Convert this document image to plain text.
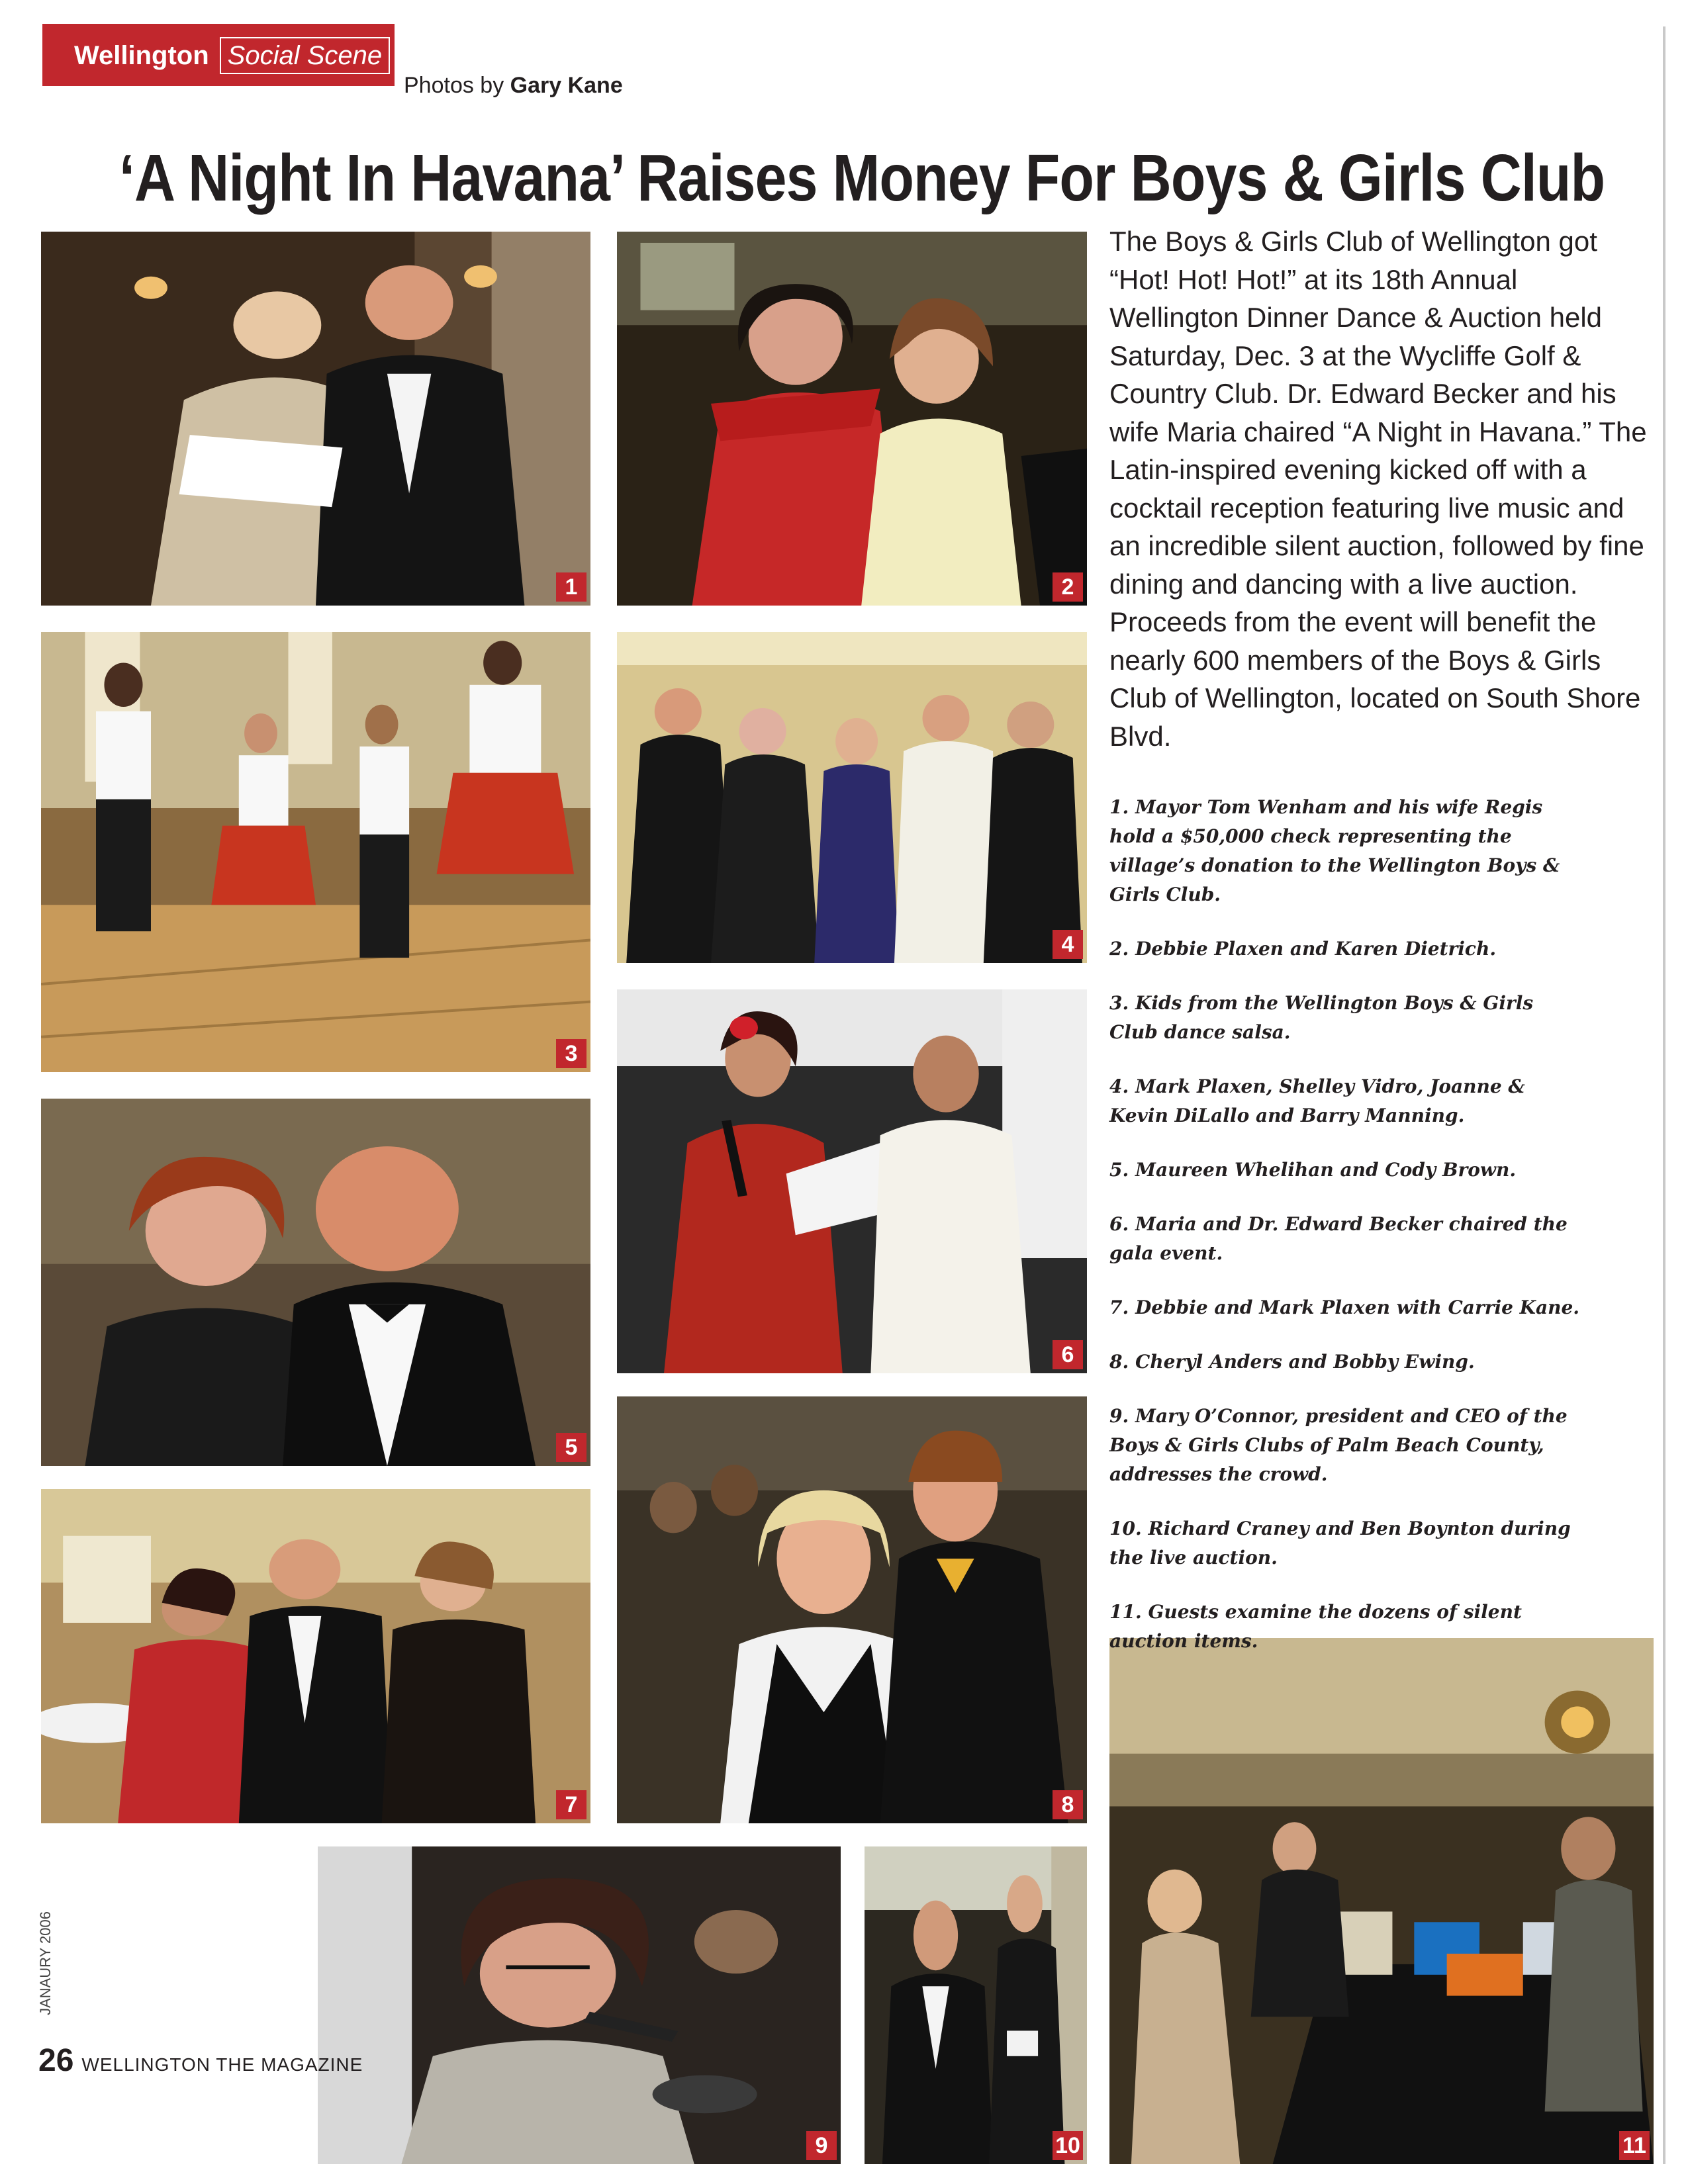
Wellington Social Scene
Photos by Gary Kane
‘A Night In Havana’ Raises Money For Boys & Girls Club
1	2
3
4
5
6
7	8
9	10	11
The Boys & Girls Club of Wellington got “Hot! Hot! Hot!” at its 18th Annual Wellington Dinner Dance & Auction held Saturday, Dec. 3 at the Wycliffe Golf & Country Club. Dr. Edward Becker and his wife Maria chaired “A Night in Havana.” The Latin-inspired evening kicked off with a cocktail reception featuring live music and an incredible silent auction, followed by fine dining and dancing with a live auction. Proceeds from the event will benefit the nearly 600 members of the Boys & Girls Club of Wellington, located on South Shore Blvd.
1. Mayor Tom Wenham and his wife Regis hold a $50,000 check representing the village’s donation to the Wellington Boys & Girls Club.
2. Debbie Plaxen and Karen Dietrich.
3. Kids from the Wellington Boys & Girls Club dance salsa.
4. Mark Plaxen, Shelley Vidro, Joanne & Kevin DiLallo and Barry Manning.
5. Maureen Whelihan and Cody Brown.
6. Maria and Dr. Edward Becker chaired the gala event.
7. Debbie and Mark Plaxen with Carrie Kane.
8. Cheryl Anders and Bobby Ewing.
9. Mary O’Connor, president and CEO of the Boys & Girls Clubs of Palm Beach County, addresses the crowd.
10. Richard Craney and Ben Boynton during the live auction.
11. Guests examine the dozens of silent auction items.
JANAURY 2006
26 WELLINGTON THE MAGAZINE
